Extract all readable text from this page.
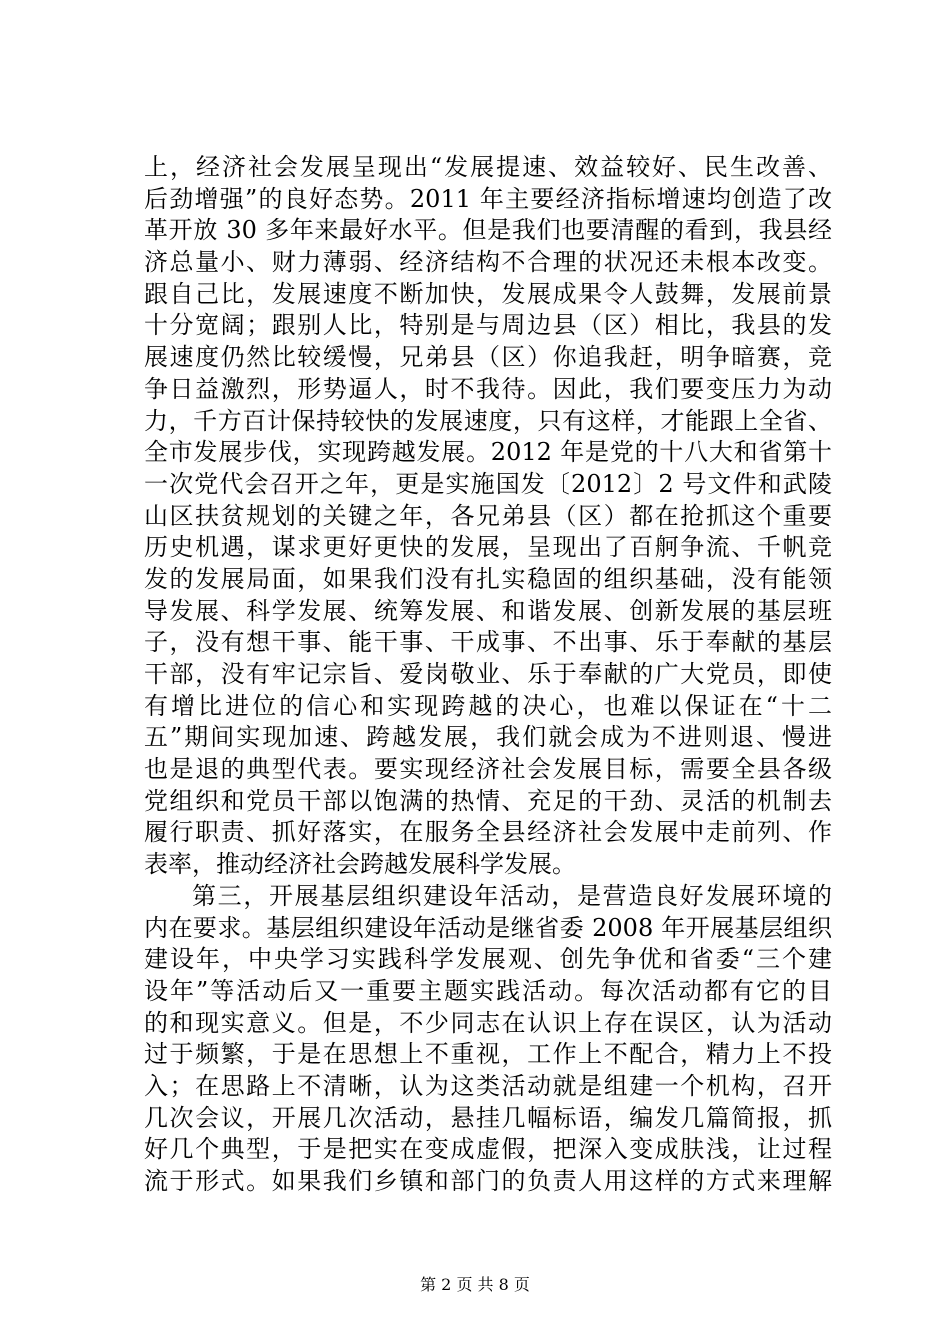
上，经济社会发展呈现出“发展提速、效益较好、民生改善、
后劲增强”的良好态势。2011 年主要经济指标增速均创造了改
革开放 30 多年来最好水平。但是我们也要清醒的看到，我县经
济总量小、财力薄弱、经济结构不合理的状况还未根本改变。
跟自己比，发展速度不断加快，发展成果令人鼓舞，发展前景
十分宽阔；跟别人比，特别是与周边县（区）相比，我县的发
展速度仍然比较缓慢，兄弟县（区）你追我赶，明争暗赛，竞
争日益激烈，形势逼人，时不我待。因此，我们要变压力为动
力，千方百计保持较快的发展速度，只有这样，才能跟上全省、
全市发展步伐，实现跨越发展。2012 年是党的十八大和省第十
一次党代会召开之年，更是实施国发〔2012〕2 号文件和武陵
山区扶贫规划的关键之年，各兄弟县（区）都在抢抓这个重要
历史机遇，谋求更好更快的发展，呈现出了百舸争流、千帆竞
发的发展局面，如果我们没有扎实稳固的组织基础，没有能领
导发展、科学发展、统筹发展、和谐发展、创新发展的基层班
子，没有想干事、能干事、干成事、不出事、乐于奉献的基层
干部，没有牢记宗旨、爱岗敬业、乐于奉献的广大党员，即使
有增比进位的信心和实现跨越的决心，也难以保证在“十二
五”期间实现加速、跨越发展，我们就会成为不进则退、慢进
也是退的典型代表。要实现经济社会发展目标，需要全县各级
党组织和党员干部以饱满的热情、充足的干劲、灵活的机制去
履行职责、抓好落实，在服务全县经济社会发展中走前列、作
表率，推动经济社会跨越发展科学发展。
第三，开展基层组织建设年活动，是营造良好发展环境的
内在要求。基层组织建设年活动是继省委 2008 年开展基层组织
建设年，中央学习实践科学发展观、创先争优和省委“三个建
设年”等活动后又一重要主题实践活动。每次活动都有它的目
的和现实意义。但是，不少同志在认识上存在误区，认为活动
过于频繁，于是在思想上不重视，工作上不配合，精力上不投
入；在思路上不清晰，认为这类活动就是组建一个机构，召开
几次会议，开展几次活动，悬挂几幅标语，编发几篇简报，抓
好几个典型，于是把实在变成虚假，把深入变成肤浅，让过程
流于形式。如果我们乡镇和部门的负责人用这样的方式来理解
第 2 页 共 8 页
